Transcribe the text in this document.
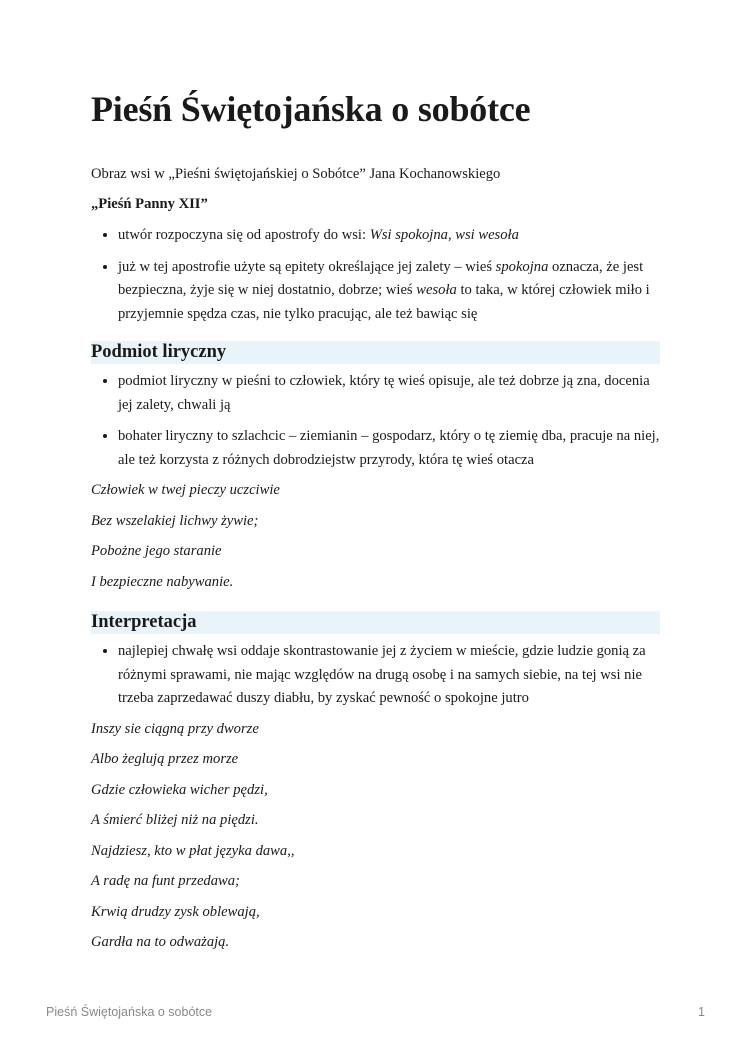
Pieśń Świętojańska o sobótce

Obraz wsi w „Pieśni świętojańskiej o Sobótce” Jana Kochanowskiego

„Pieśń Panny XII”

• utwór rozpoczyna się od apostrofy do wsi: Wsi spokojna, wsi wesoła
• już w tej apostrofie użyte są epitety określające jej zalety – wieś spokojna oznacza, że jest bezpieczna, żyje się w niej dostatnio, dobrze; wieś wesoła to taka, w której człowiek miło i przyjemnie spędza czas, nie tylko pracując, ale też bawiąc się
Podmiot liryczny
• podmiot liryczny w pieśni to człowiek, który tę wieś opisuje, ale też dobrze ją zna, docenia jej zalety, chwali ją
• bohater liryczny to szlachcic – ziemianin – gospodarz, który o tę ziemię dba, pracuje na niej, ale też korzysta z różnych dobrodziejstw przyrody, która tę wieś otacza

Człowiek w twej pieczy uczciwie

Bez wszelakiej lichwy żywie;

Pobożne jego staranie

I bezpieczne nabywanie.

Interpretacja
• najlepiej chwałę wsi oddaje skontrastowanie jej z życiem w mieście, gdzie ludzie gonią za różnymi sprawami, nie mając względów na drugą osobę i na samych siebie, na tej wsi nie trzeba zaprzedawać duszy diabłu, by zyskać pewność o spokojne jutro

Inszy sie ciągną przy dworze

Albo żeglują przez morze

Gdzie człowieka wicher pędzi,

A śmierć bliżej niż na piędzi.

Najdziesz, kto w płat języka dawa,,

A radę na funt przedawa;

Krwią drudzy zysk oblewają,

Gardła na to odważają.

Pieśń Świętojańska o sobótce	1
